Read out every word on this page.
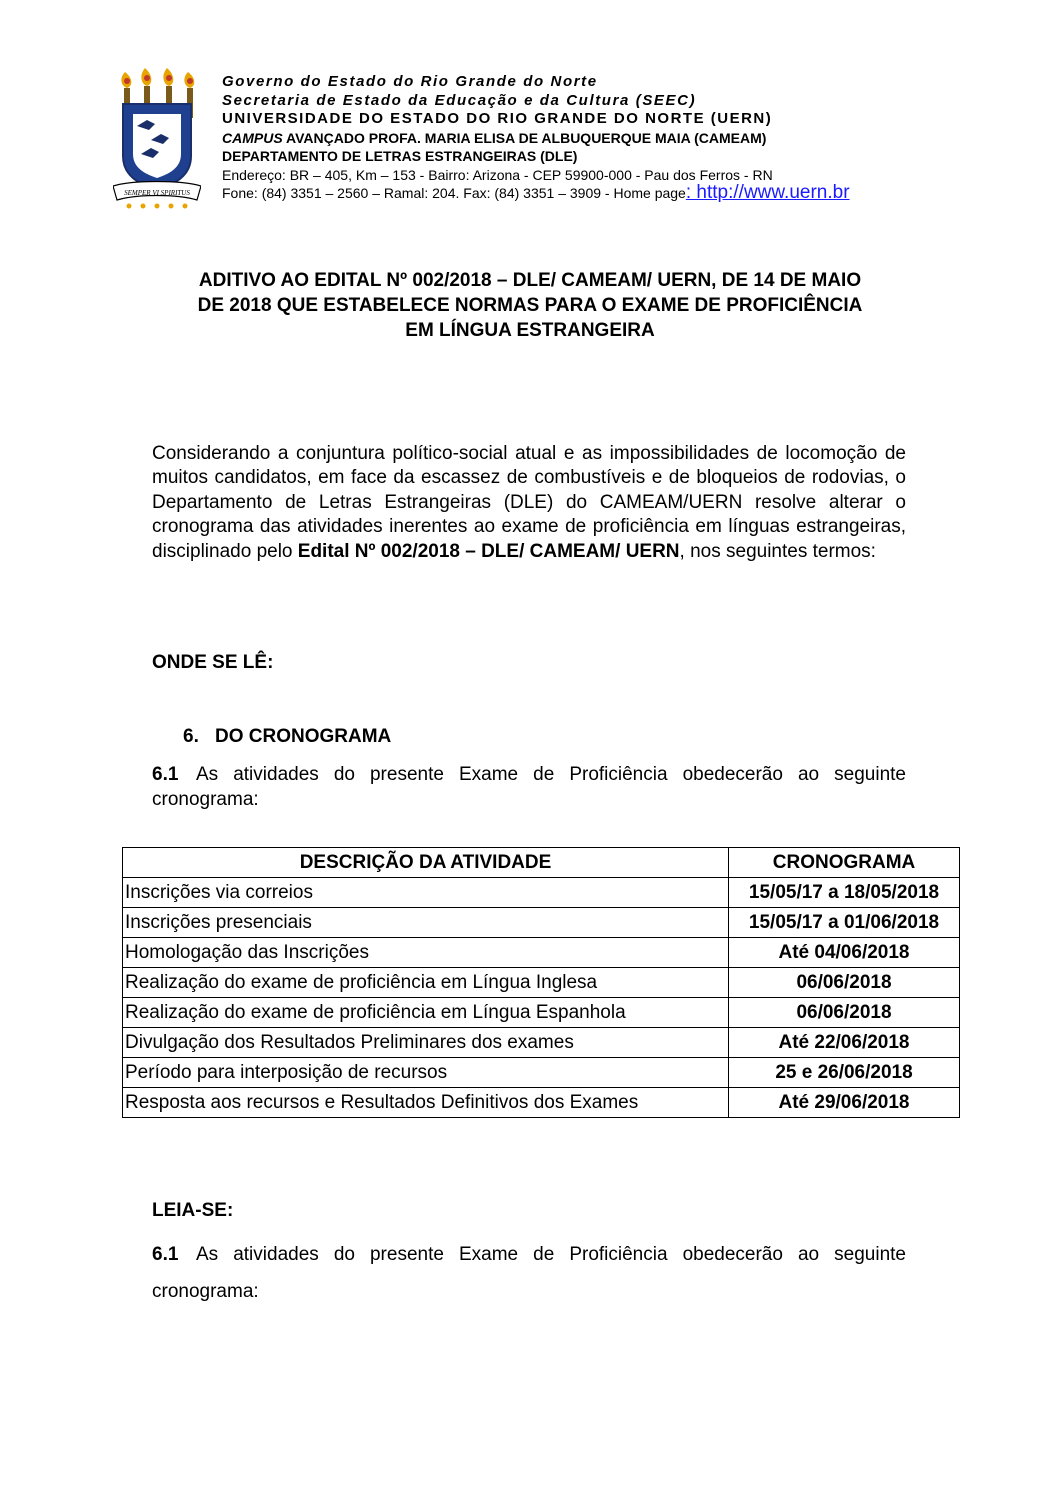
SEMPER VI SPIRITUS
Governo do Estado do Rio Grande do Norte
Secretaria de Estado da Educação e da Cultura (SEEC)
UNIVERSIDADE DO ESTADO DO RIO GRANDE DO NORTE (UERN)
CAMPUS AVANÇADO PROFA. MARIA ELISA DE ALBUQUERQUE MAIA (CAMEAM)
DEPARTAMENTO DE LETRAS ESTRANGEIRAS (DLE)
Endereço: BR – 405, Km – 153 - Bairro: Arizona - CEP 59900-000 - Pau dos Ferros - RN
Fone: (84) 3351 – 2560 – Ramal: 204. Fax: (84) 3351 – 3909 - Home page: http://www.uern.br
ADITIVO AO EDITAL Nº 002/2018 – DLE/ CAMEAM/ UERN, DE 14 DE MAIO
DE 2018 QUE ESTABELECE NORMAS PARA O EXAME DE PROFICIÊNCIA
EM LÍNGUA ESTRANGEIRA
Considerando a conjuntura político-social atual e as impossibilidades de locomoção de muitos candidatos, em face da escassez de combustíveis e de bloqueios de rodovias, o Departamento de Letras Estrangeiras (DLE) do CAMEAM/UERN resolve alterar o cronograma das atividades inerentes ao exame de proficiência em línguas estrangeiras, disciplinado pelo Edital Nº 002/2018 – DLE/ CAMEAM/ UERN, nos seguintes termos:
ONDE SE LÊ:
6. DO CRONOGRAMA
6.1 As atividades do presente Exame de Proficiência obedecerão ao seguinte
cronograma:
DESCRIÇÃO DA ATIVIDADE	CRONOGRAMA
Inscrições via correios	15/05/17 a 18/05/2018
Inscrições presenciais	15/05/17 a 01/06/2018
Homologação das Inscrições	Até 04/06/2018
Realização do exame de proficiência em Língua Inglesa	06/06/2018
Realização do exame de proficiência em Língua Espanhola	06/06/2018
Divulgação dos Resultados Preliminares dos exames	Até 22/06/2018
Período para interposição de recursos	25 e 26/06/2018
Resposta aos recursos e Resultados Definitivos dos Exames	Até 29/06/2018
LEIA-SE:
6.1 As atividades do presente Exame de Proficiência obedecerão ao seguinte
cronograma:
